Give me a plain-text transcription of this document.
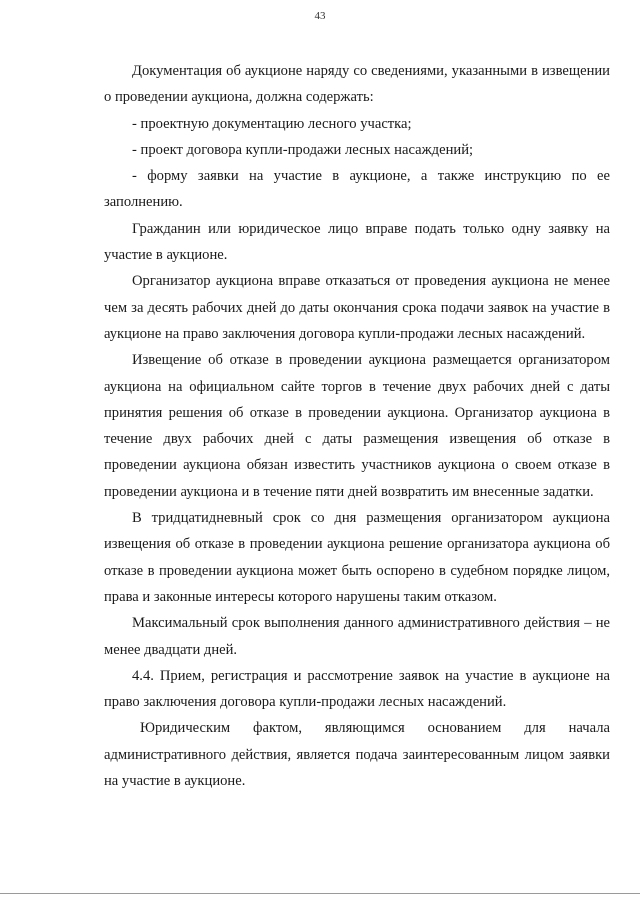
43

Документация об аукционе наряду со сведениями, указанными в извещении о проведении аукциона, должна содержать:

- проектную документацию лесного участка;

- проект договора купли-продажи лесных насаждений;

- форму заявки на участие в аукционе, а также инструкцию по ее заполнению.

Гражданин или юридическое лицо вправе подать только одну заявку на участие в аукционе.

Организатор аукциона вправе отказаться от проведения аукциона не менее чем за десять рабочих дней до даты окончания срока подачи заявок на участие в аукционе на право заключения договора купли-продажи лесных насаждений.

Извещение об отказе в проведении аукциона размещается организатором аукциона на официальном сайте торгов в течение двух рабочих дней с даты принятия решения об отказе в проведении аукциона. Организатор аукциона в течение двух рабочих дней с даты размещения извещения об отказе в проведении аукциона обязан известить участников аукциона о своем отказе в проведении аукциона и в течение пяти дней возвратить им внесенные задатки.

В тридцатидневный срок со дня размещения организатором аукциона извещения об отказе в проведении аукциона решение организатора аукциона об отказе в проведении аукциона может быть оспорено в судебном порядке лицом, права и законные интересы которого нарушены таким отказом.

Максимальный срок выполнения данного административного действия – не менее двадцати дней.

4.4. Прием, регистрация и рассмотрение заявок на участие в аукционе на право заключения договора купли-продажи лесных насаждений.

Юридическим фактом, являющимся основанием для начала

административного действия, является подача заинтересованным лицом заявки на участие в аукционе.
